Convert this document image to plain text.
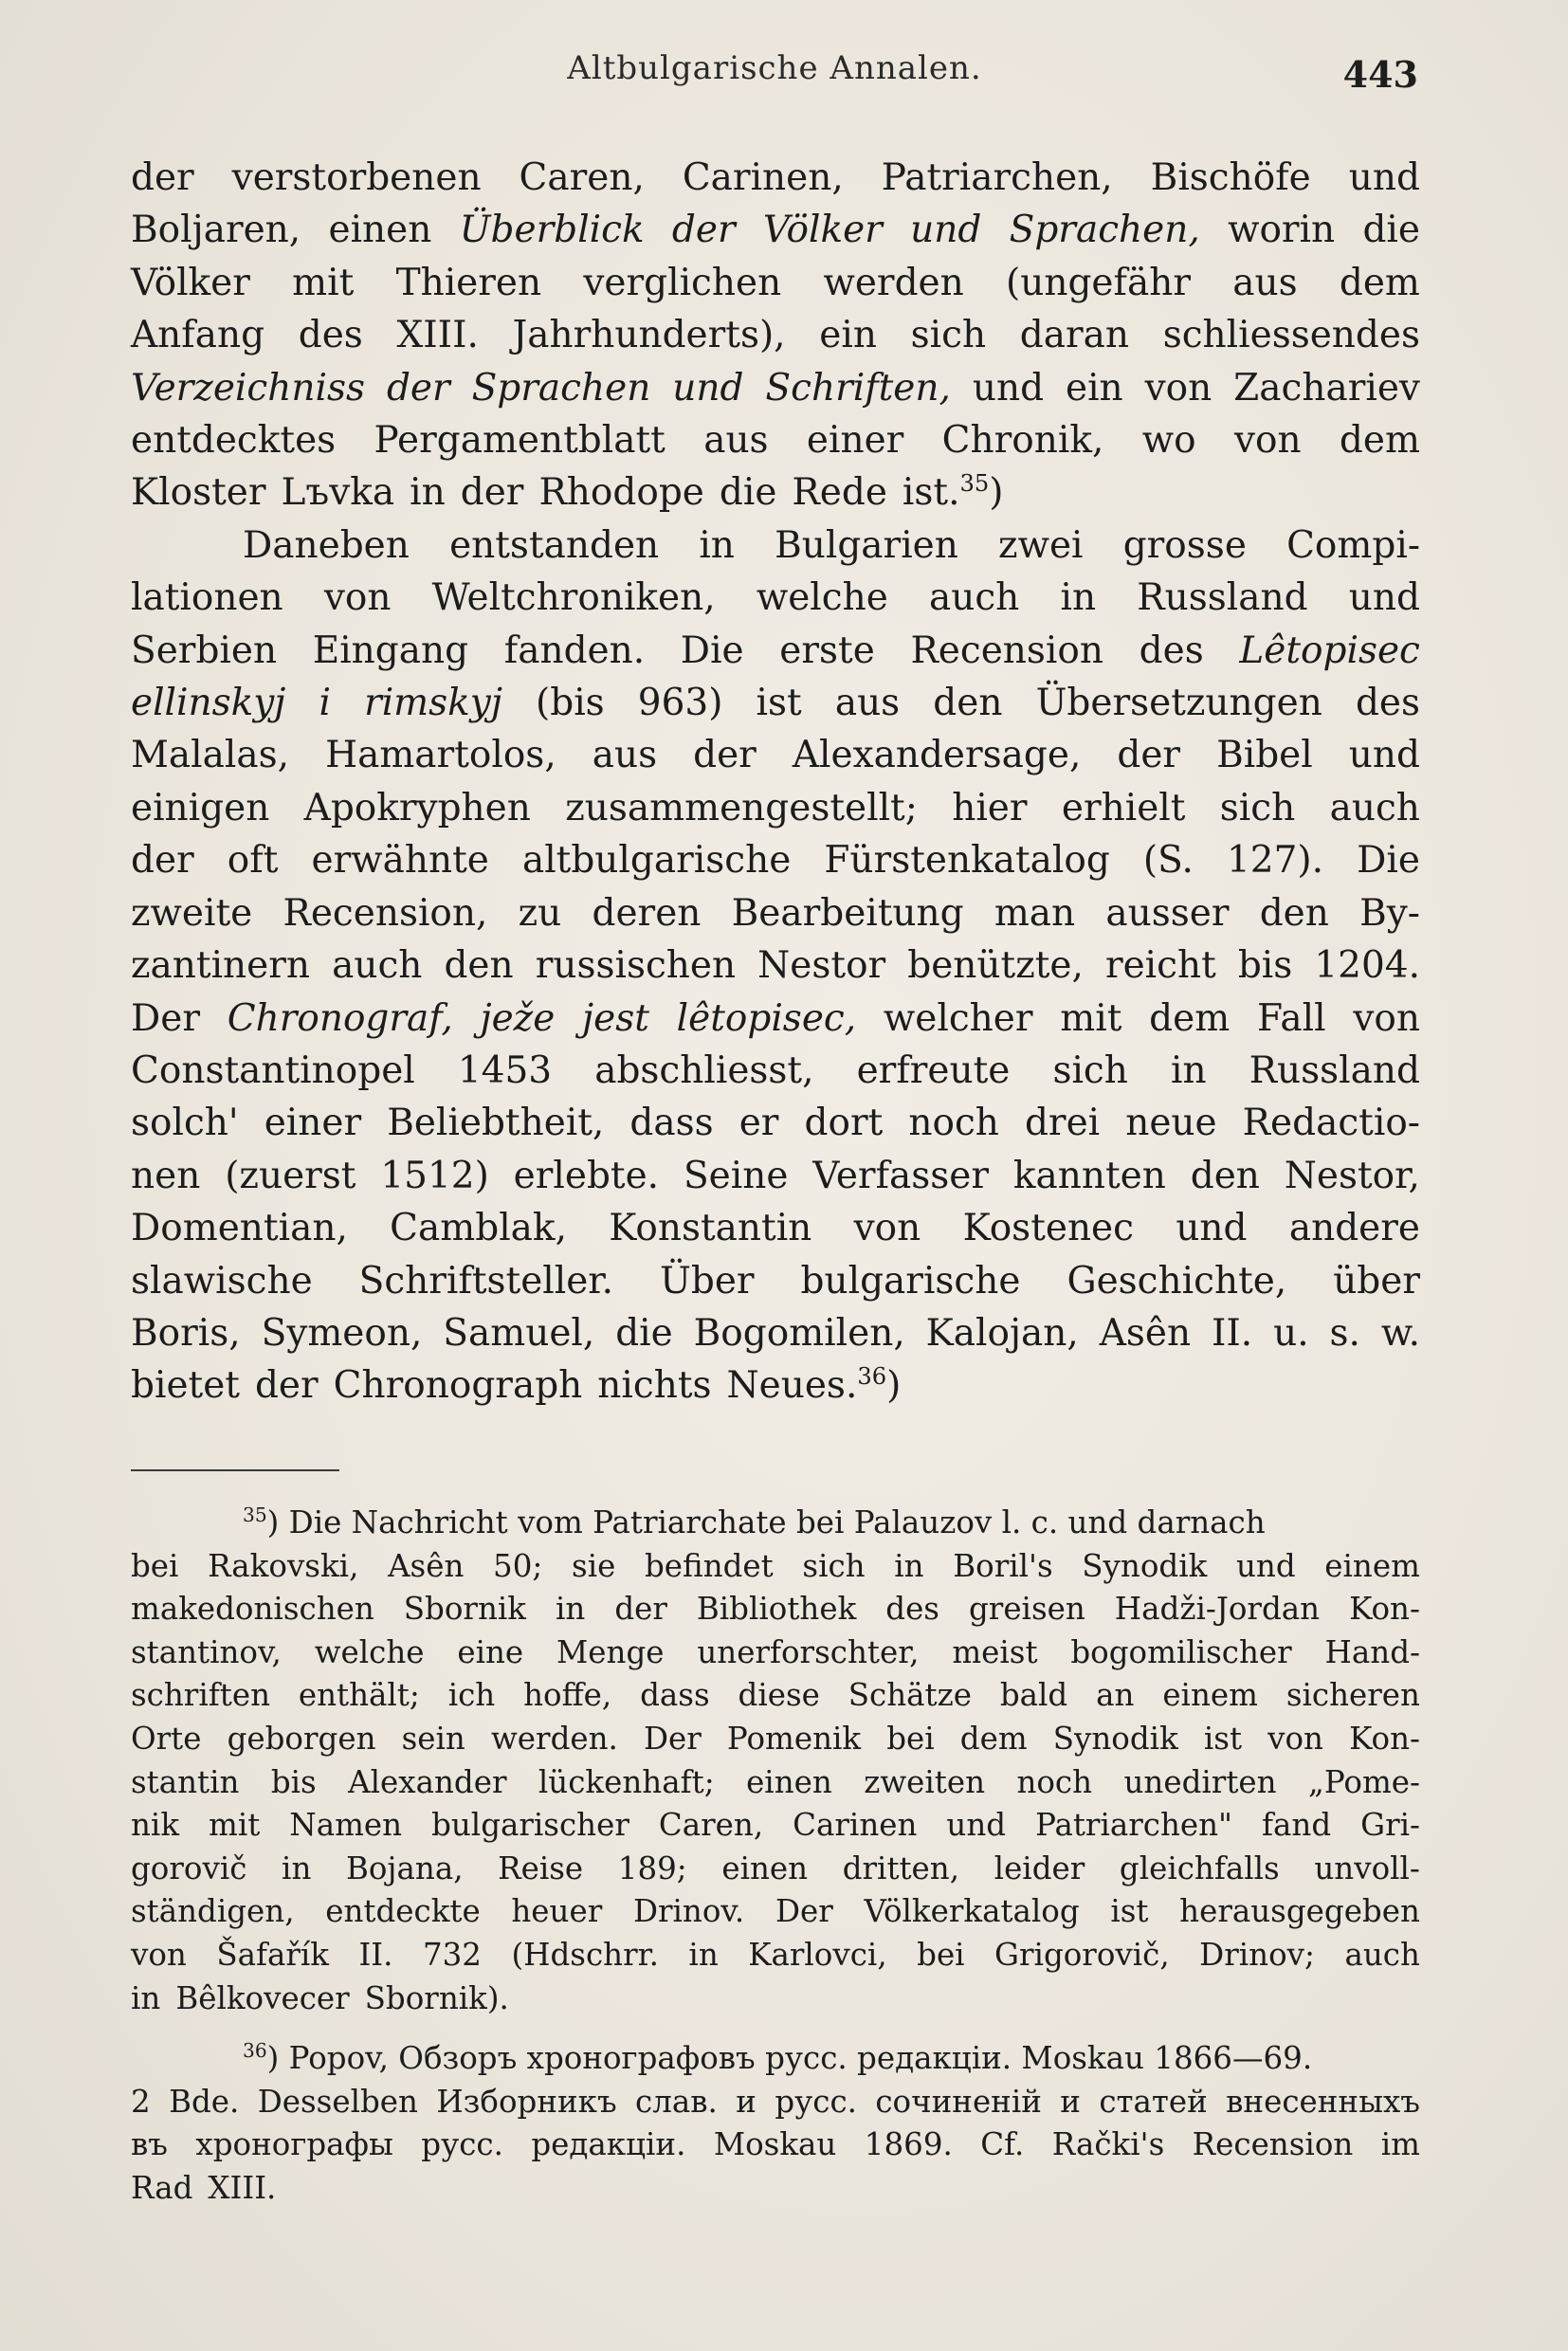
Altbulgarische Annalen.	443
der verstorbenen Caren, Carinen, Patriarchen, Bischöfe und
Boljaren, einen Überblick der Völker und Sprachen, worin die
Völker mit Thieren verglichen werden (ungefähr aus dem
Anfang des XIII. Jahrhunderts), ein sich daran schliessendes
Verzeichniss der Sprachen und Schriften, und ein von Zachariev
entdecktes Pergamentblatt aus einer Chronik, wo von dem
Kloster Lъvka in der Rhodope die Rede ist.$^{35}$)
Daneben entstanden in Bulgarien zwei grosse Compi-
lationen von Weltchroniken, welche auch in Russland und
Serbien Eingang fanden. Die erste Recension des Lêtopisec
ellinskyj i rimskyj (bis 963) ist aus den Übersetzungen des
Malalas, Hamartolos, aus der Alexandersage, der Bibel und
einigen Apokryphen zusammengestellt; hier erhielt sich auch
der oft erwähnte altbulgarische Fürstenkatalog (S. 127). Die
zweite Recension, zu deren Bearbeitung man ausser den By-
zantinern auch den russischen Nestor benützte, reicht bis 1204.
Der Chronograf, ježe jest lêtopisec, welcher mit dem Fall von
Constantinopel 1453 abschliesst, erfreute sich in Russland
solch' einer Beliebtheit, dass er dort noch drei neue Redactio-
nen (zuerst 1512) erlebte. Seine Verfasser kannten den Nestor,
Domentian, Camblak, Konstantin von Kostenec und andere
slawische Schriftsteller. Über bulgarische Geschichte, über
Boris, Symeon, Samuel, die Bogomilen, Kalojan, Asên II. u. s. w.
bietet der Chronograph nichts Neues.$^{36}$)
$^{35}$) Die Nachricht vom Patriarchate bei Palauzov l. c. und darnach
bei Rakovski, Asên 50; sie befindet sich in Boril's Synodik und einem
makedonischen Sbornik in der Bibliothek des greisen Hadži-Jordan Kon-
stantinov, welche eine Menge unerforschter, meist bogomilischer Hand-
schriften enthält; ich hoffe, dass diese Schätze bald an einem sicheren
Orte geborgen sein werden. Der Pomenik bei dem Synodik ist von Kon-
stantin bis Alexander lückenhaft; einen zweiten noch unedirten „Pome-
nik mit Namen bulgarischer Caren, Carinen und Patriarchen" fand Gri-
gorovič in Bojana, Reise 189; einen dritten, leider gleichfalls unvoll-
ständigen, entdeckte heuer Drinov. Der Völkerkatalog ist herausgegeben
von Šafařík II. 732 (Hdschrr. in Karlovci, bei Grigorovič, Drinov; auch
in Bêlkovecer Sbornik).
$^{36}$) Popov, Обзоръ хронографовъ русс. редакціи. Moskau 1866—69.
2 Bde. Desselben Изборникъ слав. и русс. сочиненій и статей внесенныхъ
въ хронографы русс. редакціи. Moskau 1869. Cf. Rački's Recension im
Rad XIII.
